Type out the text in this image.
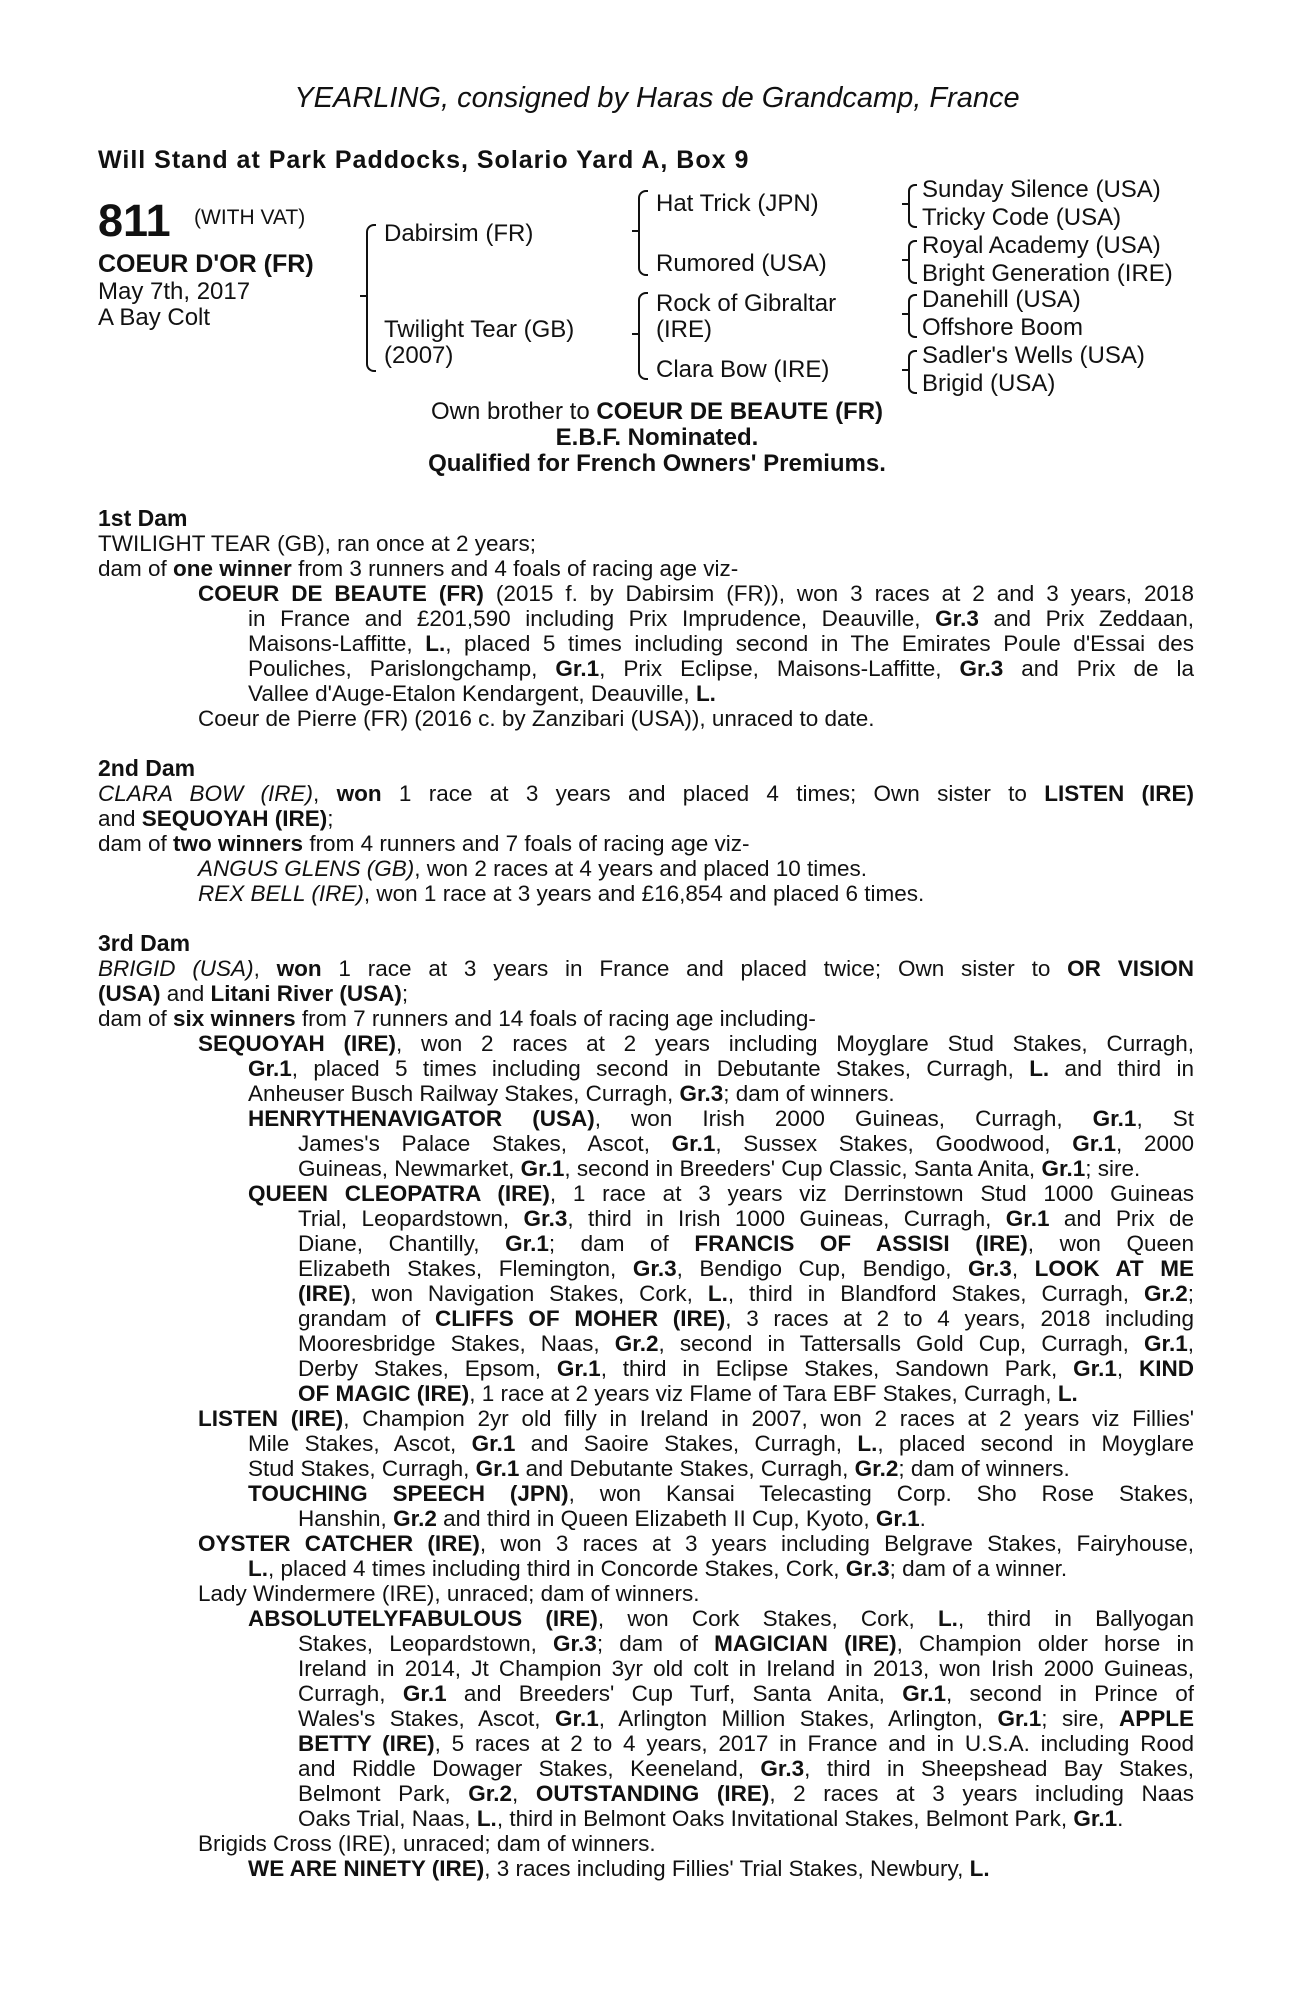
YEARLING, consigned by Haras de Grandcamp, France
Will Stand at Park Paddocks, Solario Yard A, Box 9
811 (WITH VAT)
COEUR D'OR (FR)
May 7th, 2017
A Bay Colt
Dabirsim (FR)
Twilight Tear (GB)
(2007)
Hat Trick (JPN)
Rumored (USA)
Rock of Gibraltar
(IRE)
Clara Bow (IRE)
Sunday Silence (USA)
Tricky Code (USA)
Royal Academy (USA)
Bright Generation (IRE)
Danehill (USA)
Offshore Boom
Sadler's Wells (USA)
Brigid (USA)
Own brother to COEUR DE BEAUTE (FR)
E.B.F. Nominated.
Qualified for French Owners' Premiums.
1st Dam
TWILIGHT TEAR (GB), ran once at 2 years;
dam of one winner from 3 runners and 4 foals of racing age viz-
COEUR DE BEAUTE (FR) (2015 f. by Dabirsim (FR)), won 3 races at 2 and 3 years, 2018
in France and £201,590 including Prix Imprudence, Deauville, Gr.3 and Prix Zeddaan,
Maisons-Laffitte, L., placed 5 times including second in The Emirates Poule d'Essai des
Pouliches, Parislongchamp, Gr.1, Prix Eclipse, Maisons-Laffitte, Gr.3 and Prix de la
Vallee d'Auge-Etalon Kendargent, Deauville, L.
Coeur de Pierre (FR) (2016 c. by Zanzibari (USA)), unraced to date.
2nd Dam
CLARA BOW (IRE), won 1 race at 3 years and placed 4 times; Own sister to LISTEN (IRE)
and SEQUOYAH (IRE);
dam of two winners from 4 runners and 7 foals of racing age viz-
ANGUS GLENS (GB), won 2 races at 4 years and placed 10 times.
REX BELL (IRE), won 1 race at 3 years and £16,854 and placed 6 times.
3rd Dam
BRIGID (USA), won 1 race at 3 years in France and placed twice; Own sister to OR VISION
(USA) and Litani River (USA);
dam of six winners from 7 runners and 14 foals of racing age including-
SEQUOYAH (IRE), won 2 races at 2 years including Moyglare Stud Stakes, Curragh,
Gr.1, placed 5 times including second in Debutante Stakes, Curragh, L. and third in
Anheuser Busch Railway Stakes, Curragh, Gr.3; dam of winners.
HENRYTHENAVIGATOR (USA), won Irish 2000 Guineas, Curragh, Gr.1, St
James's Palace Stakes, Ascot, Gr.1, Sussex Stakes, Goodwood, Gr.1, 2000
Guineas, Newmarket, Gr.1, second in Breeders' Cup Classic, Santa Anita, Gr.1; sire.
QUEEN CLEOPATRA (IRE), 1 race at 3 years viz Derrinstown Stud 1000 Guineas
Trial, Leopardstown, Gr.3, third in Irish 1000 Guineas, Curragh, Gr.1 and Prix de
Diane, Chantilly, Gr.1; dam of FRANCIS OF ASSISI (IRE), won Queen
Elizabeth Stakes, Flemington, Gr.3, Bendigo Cup, Bendigo, Gr.3, LOOK AT ME
(IRE), won Navigation Stakes, Cork, L., third in Blandford Stakes, Curragh, Gr.2;
grandam of CLIFFS OF MOHER (IRE), 3 races at 2 to 4 years, 2018 including
Mooresbridge Stakes, Naas, Gr.2, second in Tattersalls Gold Cup, Curragh, Gr.1,
Derby Stakes, Epsom, Gr.1, third in Eclipse Stakes, Sandown Park, Gr.1, KIND
OF MAGIC (IRE), 1 race at 2 years viz Flame of Tara EBF Stakes, Curragh, L.
LISTEN (IRE), Champion 2yr old filly in Ireland in 2007, won 2 races at 2 years viz Fillies'
Mile Stakes, Ascot, Gr.1 and Saoire Stakes, Curragh, L., placed second in Moyglare
Stud Stakes, Curragh, Gr.1 and Debutante Stakes, Curragh, Gr.2; dam of winners.
TOUCHING SPEECH (JPN), won Kansai Telecasting Corp. Sho Rose Stakes,
Hanshin, Gr.2 and third in Queen Elizabeth II Cup, Kyoto, Gr.1.
OYSTER CATCHER (IRE), won 3 races at 3 years including Belgrave Stakes, Fairyhouse,
L., placed 4 times including third in Concorde Stakes, Cork, Gr.3; dam of a winner.
Lady Windermere (IRE), unraced; dam of winners.
ABSOLUTELYFABULOUS (IRE), won Cork Stakes, Cork, L., third in Ballyogan
Stakes, Leopardstown, Gr.3; dam of MAGICIAN (IRE), Champion older horse in
Ireland in 2014, Jt Champion 3yr old colt in Ireland in 2013, won Irish 2000 Guineas,
Curragh, Gr.1 and Breeders' Cup Turf, Santa Anita, Gr.1, second in Prince of
Wales's Stakes, Ascot, Gr.1, Arlington Million Stakes, Arlington, Gr.1; sire, APPLE
BETTY (IRE), 5 races at 2 to 4 years, 2017 in France and in U.S.A. including Rood
and Riddle Dowager Stakes, Keeneland, Gr.3, third in Sheepshead Bay Stakes,
Belmont Park, Gr.2, OUTSTANDING (IRE), 2 races at 3 years including Naas
Oaks Trial, Naas, L., third in Belmont Oaks Invitational Stakes, Belmont Park, Gr.1.
Brigids Cross (IRE), unraced; dam of winners.
WE ARE NINETY (IRE), 3 races including Fillies' Trial Stakes, Newbury, L.
